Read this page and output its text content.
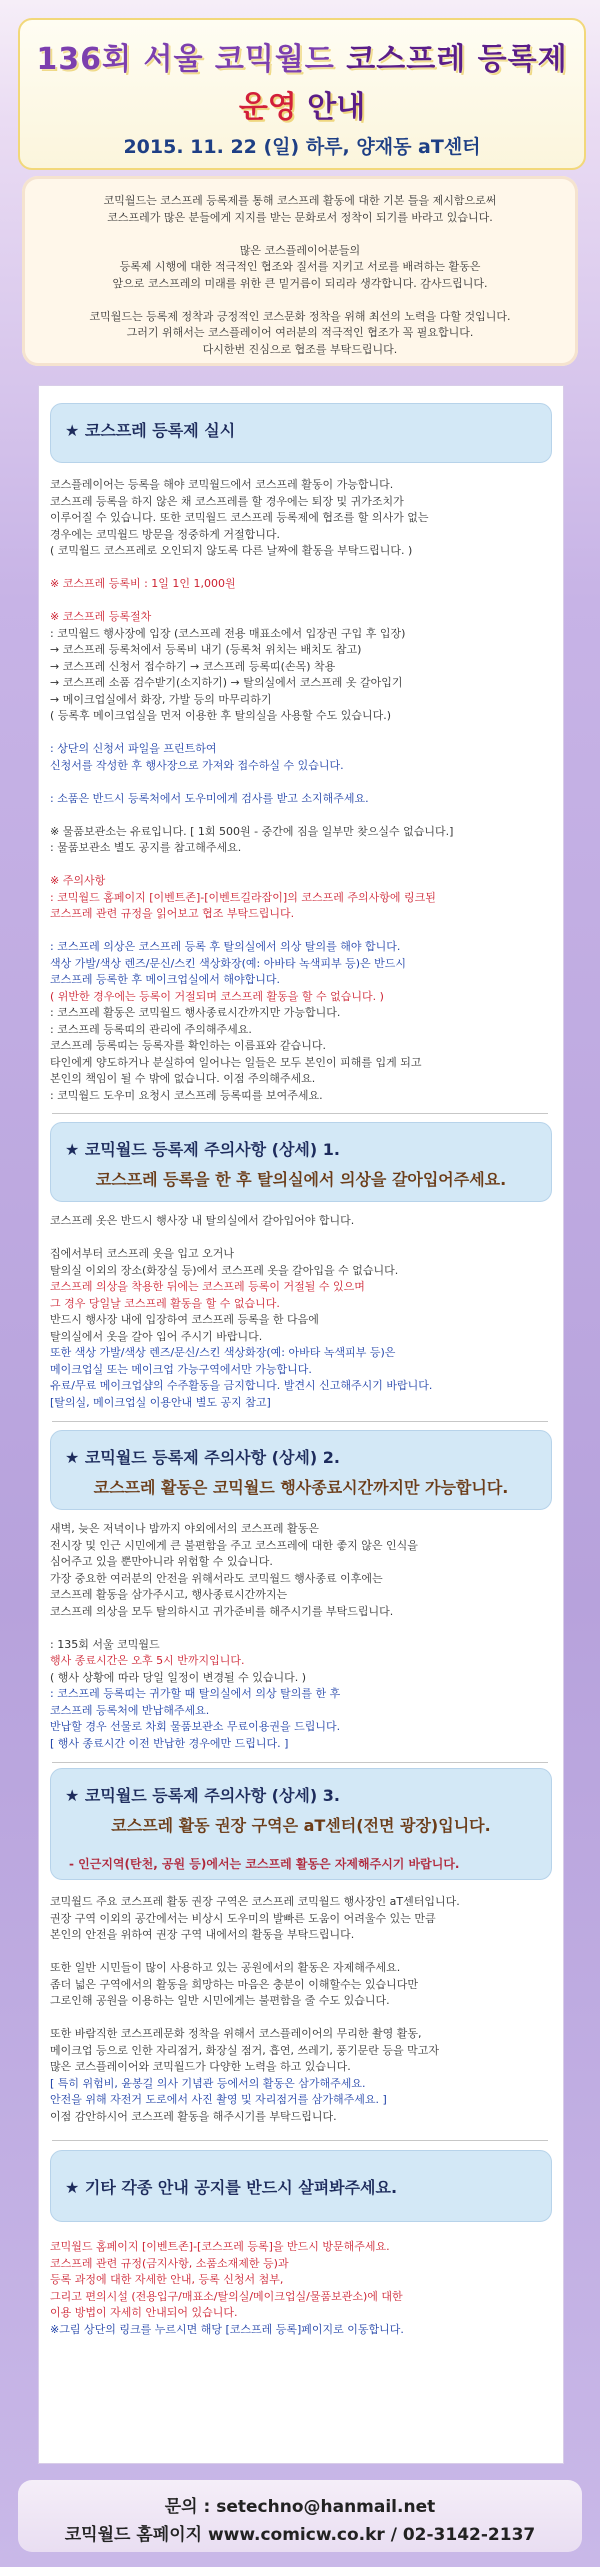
136회 서울 코믹월드 코스프레 등록제
운영 안내
2015. 11. 22 (일) 하루, 양재동 aT센터
코믹월드는 코스프레 등록제를 통해 코스프레 활동에 대한 기본 틀을 제시함으로써
코스프레가 많은 분들에게 지지를 받는 문화로서 정착이 되기를 바라고 있습니다.
많은 코스플레이어분들의
등록제 시행에 대한 적극적인 협조와 질서를 지키고 서로를 배려하는 활동은
앞으로 코스프레의 미래를 위한 큰 밑거름이 되리라 생각합니다. 감사드립니다.
코믹월드는 등록제 정착과 긍정적인 코스문화 정착을 위해 최선의 노력을 다할 것입니다.
그러기 위해서는 코스플레이어 여러분의 적극적인 협조가 꼭 필요합니다.
다시한번 진심으로 협조를 부탁드립니다.
★ 코스프레 등록제 실시
코스플레이어는 등록을 해야 코믹월드에서 코스프레 활동이 가능합니다.
코스프레 등록을 하지 않은 채 코스프레를 할 경우에는 퇴장 및 귀가조치가
이루어질 수 있습니다. 또한 코믹월드 코스프레 등록제에 협조를 할 의사가 없는
경우에는 코믹월드 방문을 정중하게 거절합니다.
( 코믹월드 코스프레로 오인되지 않도록 다른 날짜에 활동을 부탁드립니다. )
※ 코스프레 등록비 : 1일 1인 1,000원
※ 코스프레 등록절차
: 코믹월드 행사장에 입장 (코스프레 전용 매표소에서 입장권 구입 후 입장)
→ 코스프레 등록처에서 등록비 내기 (등록처 위치는 배치도 참고)
→ 코스프레 신청서 접수하기 → 코스프레 등록띠(손목) 착용
→ 코스프레 소품 검수받기(소지하기) → 탈의실에서 코스프레 옷 갈아입기
→ 메이크업실에서 화장, 가발 등의 마무리하기
( 등록후 메이크업실을 먼저 이용한 후 탈의실을 사용할 수도 있습니다.)
: 상단의 신청서 파일을 프린트하여
신청서를 작성한 후 행사장으로 가져와 접수하실 수 있습니다.
: 소품은 반드시 등록처에서 도우미에게 검사를 받고 소지해주세요.
※ 물품보관소는 유료입니다. [ 1회 500원 - 중간에 짐을 일부만 찾으실수 없습니다.]
: 물품보관소 별도 공지를 참고해주세요.
※ 주의사항
: 코믹월드 홈페이지 [이벤트존]-[이벤트길라잡이]의 코스프레 주의사항에 링크된
코스프레 관련 규정을 읽어보고 협조 부탁드립니다.
: 코스프레 의상은 코스프레 등록 후 탈의실에서 의상 탈의를 해야 합니다.
색상 가발/색상 렌즈/문신/스킨 색상화장(예: 아바타 녹색피부 등)은 반드시
코스프레 등록한 후 메이크업실에서 해야합니다.
( 위반한 경우에는 등록이 거절되며 코스프레 활동을 할 수 없습니다. )
: 코스프레 활동은 코믹월드 행사종료시간까지만 가능합니다.
: 코스프레 등록띠의 관리에 주의해주세요.
코스프레 등록띠는 등록자를 확인하는 이름표와 같습니다.
타인에게 양도하거나 분실하여 일어나는 일들은 모두 본인이 피해를 입게 되고
본인의 책임이 될 수 밖에 없습니다. 이점 주의해주세요.
: 코믹월드 도우미 요청시 코스프레 등록띠를 보여주세요.
★ 코믹월드 등록제 주의사항 (상세) 1.
코스프레 등록을 한 후 탈의실에서 의상을 갈아입어주세요.
코스프레 옷은 반드시 행사장 내 탈의실에서 갈아입어야 합니다.
집에서부터 코스프레 옷을 입고 오거나
탈의실 이외의 장소(화장실 등)에서 코스프레 옷을 갈아입을 수 없습니다.
코스프레 의상을 착용한 뒤에는 코스프레 등록이 거절될 수 있으며
그 경우 당일날 코스프레 활동을 할 수 없습니다.
반드시 행사장 내에 입장하여 코스프레 등록을 한 다음에
탈의실에서 옷을 갈아 입어 주시기 바랍니다.
또한 색상 가발/색상 렌즈/문신/스킨 색상화장(예: 아바타 녹색피부 등)은
메이크업실 또는 메이크업 가능구역에서만 가능합니다.
유료/무료 메이크업샵의 수주활동을 금지합니다. 발견시 신고해주시기 바랍니다.
[탈의실, 메이크업실 이용안내 별도 공지 참고]
★ 코믹월드 등록제 주의사항 (상세) 2.
코스프레 활동은 코믹월드 행사종료시간까지만 가능합니다.
새벽, 늦은 저녁이나 밤까지 야외에서의 코스프레 활동은
전시장 및 인근 시민에게 큰 불편함을 주고 코스프레에 대한 좋지 않은 인식을
심어주고 있을 뿐만아니라 위험할 수 있습니다.
가장 중요한 여러분의 안전을 위해서라도 코믹월드 행사종료 이후에는
코스프레 활동을 삼가주시고, 행사종료시간까지는
코스프레 의상을 모두 탈의하시고 귀가준비를 해주시기를 부탁드립니다.
: 135회 서울 코믹월드
행사 종료시간은 오후 5시 반까지입니다.
( 행사 상황에 따라 당일 일정이 변경될 수 있습니다. )
: 코스프레 등록띠는 귀가할 때 탈의실에서 의상 탈의를 한 후
코스프레 등록처에 반납해주세요.
반납할 경우 선물로 차회 물품보관소 무료이용권을 드립니다.
[ 행사 종료시간 이전 반납한 경우에만 드립니다. ]
★ 코믹월드 등록제 주의사항 (상세) 3.
코스프레 활동 권장 구역은 aT센터(전면 광장)입니다.
- 인근지역(탄천, 공원 등)에서는 코스프레 활동은 자제해주시기 바랍니다.
코믹월드 주요 코스프레 활동 권장 구역은 코스프레 코믹월드 행사장인 aT센터입니다.
권장 구역 이외의 공간에서는 비상시 도우미의 발빠른 도움이 어려울수 있는 만큼
본인의 안전을 위하여 권장 구역 내에서의 활동을 부탁드립니다.
또한 일반 시민들이 많이 사용하고 있는 공원에서의 활동은 자제해주세요.
좀더 넓은 구역에서의 활동을 희망하는 마음은 충분이 이해할수는 있습니다만
그로인해 공원을 이용하는 일반 시민에게는 불편함을 줄 수도 있습니다.
또한 바람직한 코스프레문화 정착을 위해서 코스플레이어의 무리한 촬영 활동,
메이크업 등으로 인한 자리점거, 화장실 점거, 흡연, 쓰레기, 풍기문란 등을 막고자
많은 코스플레이어와 코믹월드가 다양한 노력을 하고 있습니다.
[ 특히 위험비, 윤봉길 의사 기념관 등에서의 활동은 삼가해주세요.
안전을 위해 자전거 도로에서 사진 촬영 및 자리점거를 삼가해주세요. ]
이점 감안하시어 코스프레 활동을 해주시기를 부탁드립니다.
★ 기타 각종 안내 공지를 반드시 살펴봐주세요.
코믹월드 홈페이지 [이벤트존]-[코스프레 등록]을 반드시 방문해주세요.
코스프레 관련 규정(금지사항, 소품소재제한 등)과
등록 과정에 대한 자세한 안내, 등록 신청서 첨부,
그리고 편의시설 (전용입구/매표소/탈의실/메이크업실/물품보관소)에 대한
이용 방법이 자세히 안내되어 있습니다.
※그림 상단의 링크를 누르시면 해당 [코스프레 등록]페이지로 이동합니다.
문의 : setechno@hanmail.net
코믹월드 홈페이지 www.comicw.co.kr / 02-3142-2137
